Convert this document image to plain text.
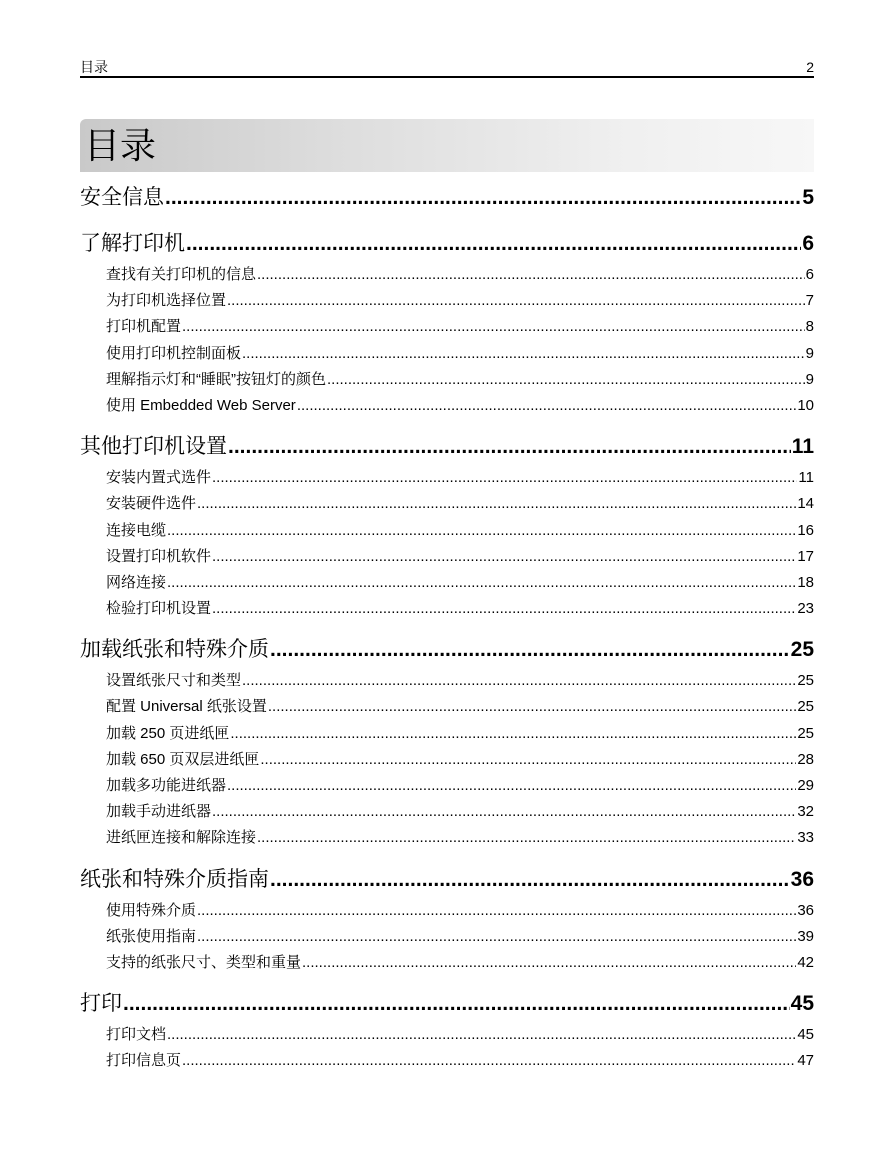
目录	2
目录
安全信息 .....	5
了解打印机 .....	6
查找有关打印机的信息 .....	6
为打印机选择位置 .....	7
打印机配置 .....	8
使用打印机控制面板 .....	9
理解指示灯和“睡眠”按钮灯的颜色 .....	9
使用 Embedded Web Server .....	10
其他打印机设置 .....	11
安装内置式选件 .....	11
安装硬件选件 .....	14
连接电缆 .....	16
设置打印机软件 .....	17
网络连接 .....	18
检验打印机设置 .....	23
加载纸张和特殊介质 .....	25
设置纸张尺寸和类型 .....	25
配置 Universal 纸张设置 .....	25
加载 250 页进纸匣 .....	25
加载 650 页双层进纸匣 .....	28
加载多功能进纸器 .....	29
加载手动进纸器 .....	32
进纸匣连接和解除连接 .....	33
纸张和特殊介质指南 .....	36
使用特殊介质 .....	36
纸张使用指南 .....	39
支持的纸张尺寸、类型和重量 .....	42
打印 .....	45
打印文档 .....	45
打印信息页 .....	47
